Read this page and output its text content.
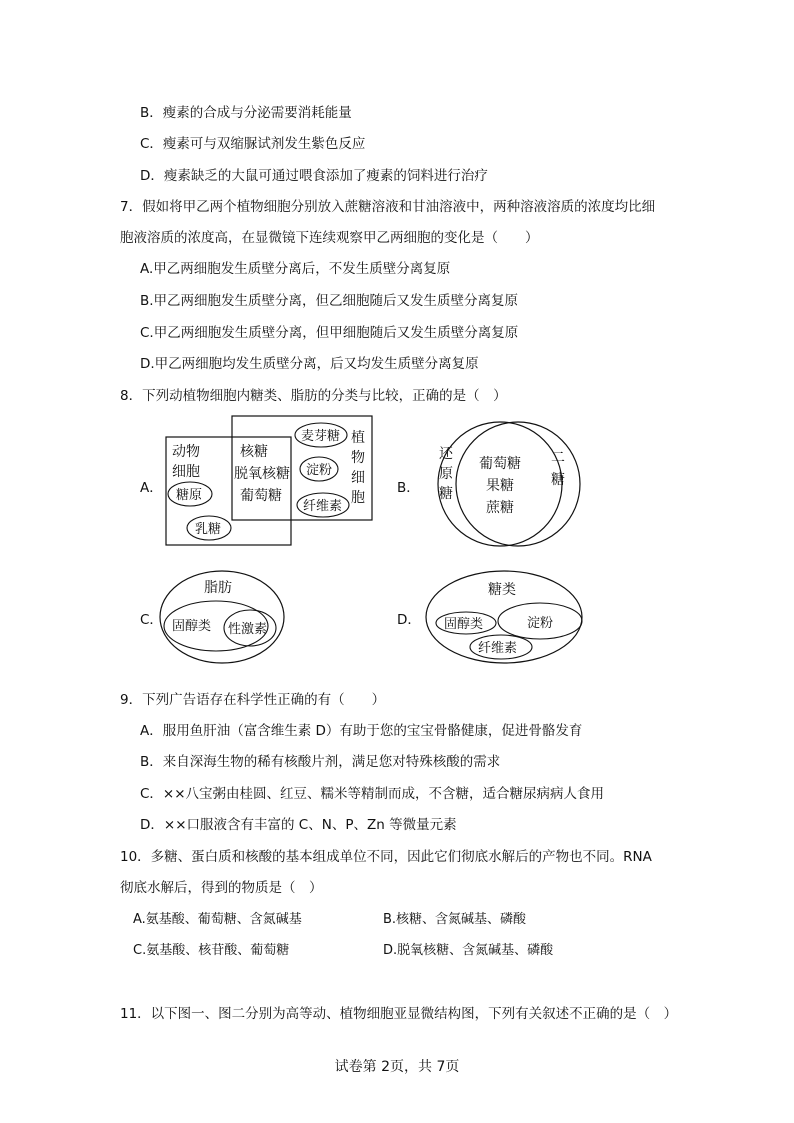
B．瘦素的合成与分泌需要消耗能量
C．瘦素可与双缩脲试剂发生紫色反应
D．瘦素缺乏的大鼠可通过喂食添加了瘦素的饲料进行治疗
7．假如将甲乙两个植物细胞分别放入蔗糖溶液和甘油溶液中，两种溶液溶质的浓度均比细
胞液溶质的浓度高，在显微镜下连续观察甲乙两细胞的变化是（　　）
A.甲乙两细胞发生质壁分离后，不发生质壁分离复原
B.甲乙两细胞发生质壁分离，但乙细胞随后又发生质壁分离复原
C.甲乙两细胞发生质壁分离，但甲细胞随后又发生质壁分离复原
D.甲乙两细胞均发生质壁分离，后又均发生质壁分离复原
8．下列动植物细胞内糖类、脂肪的分类与比较，正确的是（　）
A．
动物
细胞
糖原
乳糖
核糖
脱氧核糖
葡萄糖
麦芽糖
淀粉
纤维素
植
物
细
胞
B．
还
原
糖
葡萄糖
果糖
蔗糖
二
糖
C．
脂肪
固醇类 性激素
D．
糖类
固醇类	淀粉
纤维素
9．下列广告语存在科学性正确的有（　　）
A．服用鱼肝油（富含维生素 D）有助于您的宝宝骨骼健康，促进骨骼发育
B．来自深海生物的稀有核酸片剂，满足您对特殊核酸的需求
C．××八宝粥由桂圆、红豆、糯米等精制而成，不含糖，适合糖尿病病人食用
D．××口服液含有丰富的 C、N、P、Zn 等微量元素
10．多糖、蛋白质和核酸的基本组成单位不同，因此它们彻底水解后的产物也不同。RNA
彻底水解后，得到的物质是（　）
A.氨基酸、葡萄糖、含氮碱基	B.核糖、含氮碱基、磷酸
C.氨基酸、核苷酸、葡萄糖	D.脱氧核糖、含氮碱基、磷酸
11．以下图一、图二分别为高等动、植物细胞亚显微结构图，下列有关叙述不正确的是（　）
试卷第 2页，共 7页
